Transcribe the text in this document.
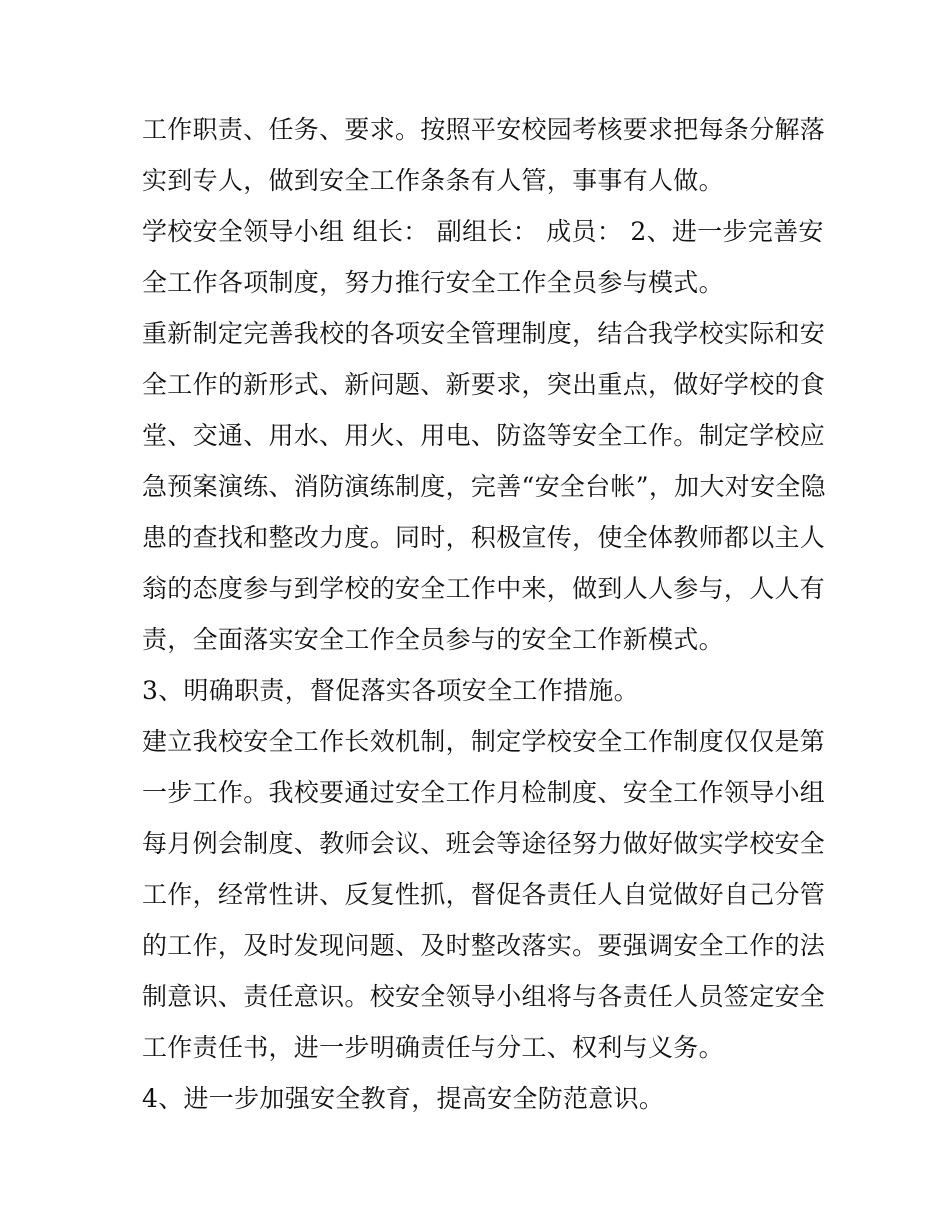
工作职责、任务、要求。按照平安校园考核要求把每条分解落
实到专人，做到安全工作条条有人管，事事有人做。
学校安全领导小组 组长： 副组长： 成员： 2、进一步完善安
全工作各项制度，努力推行安全工作全员参与模式。
重新制定完善我校的各项安全管理制度，结合我学校实际和安
全工作的新形式、新问题、新要求，突出重点，做好学校的食
堂、交通、用水、用火、用电、防盗等安全工作。制定学校应
急预案演练、消防演练制度，完善“安全台帐”，加大对安全隐
患的查找和整改力度。同时，积极宣传，使全体教师都以主人
翁的态度参与到学校的安全工作中来，做到人人参与，人人有
责，全面落实安全工作全员参与的安全工作新模式。
3、明确职责，督促落实各项安全工作措施。
建立我校安全工作长效机制，制定学校安全工作制度仅仅是第
一步工作。我校要通过安全工作月检制度、安全工作领导小组
每月例会制度、教师会议、班会等途径努力做好做实学校安全
工作，经常性讲、反复性抓，督促各责任人自觉做好自己分管
的工作，及时发现问题、及时整改落实。要强调安全工作的法
制意识、责任意识。校安全领导小组将与各责任人员签定安全
工作责任书，进一步明确责任与分工、权利与义务。
4、进一步加强安全教育，提高安全防范意识。
